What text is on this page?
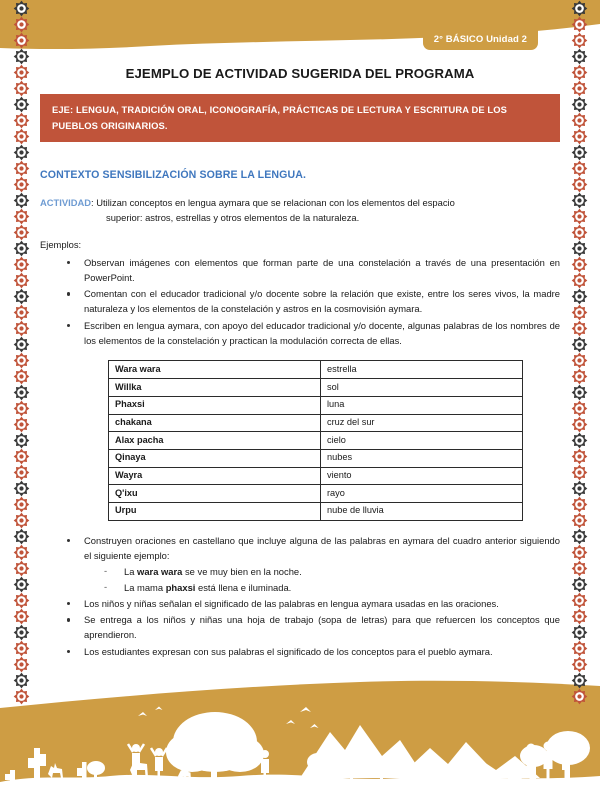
2° BÁSICO Unidad 2
EJEMPLO DE ACTIVIDAD SUGERIDA DEL PROGRAMA
EJE: LENGUA, TRADICIÓN ORAL, ICONOGRAFÍA, PRÁCTICAS DE LECTURA Y ESCRITURA DE LOS PUEBLOS ORIGINARIOS.
CONTEXTO SENSIBILIZACIÓN SOBRE LA LENGUA.
ACTIVIDAD: Utilizan conceptos en lengua aymara que se relacionan con los elementos del espacio
superior: astros, estrellas y otros elementos de la naturaleza.
Ejemplos:
Observan imágenes con elementos que forman parte de una constelación a través de una presentación en PowerPoint.
Comentan con el educador tradicional y/o docente sobre la relación que existe, entre los seres vivos, la madre naturaleza y los elementos de la constelación y astros en la cosmovisión aymara.
Escriben en lengua aymara, con apoyo del educador tradicional y/o docente, algunas palabras de los nombres de los elementos de la constelación y practican la modulación correcta de ellas.
Wara wara	estrella
Willka	sol
Phaxsi	luna
chakana	cruz del sur
Alax pacha	cielo
Qinaya	nubes
Wayra	viento
Q'ixu	rayo
Urpu	nube de lluvia
Construyen oraciones en castellano que incluye alguna de las palabras en aymara del cuadro anterior siguiendo el siguiente ejemplo:
- La wara wara se ve muy bien en la noche.
- La mama phaxsi está llena e iluminada.
Los niños y niñas señalan el significado de las palabras en lengua aymara usadas en las oraciones.
Se entrega a los niños y niñas una hoja de trabajo (sopa de letras) para que refuercen los conceptos que aprendieron.
Los estudiantes expresan con sus palabras el significado de los conceptos para el pueblo aymara.
